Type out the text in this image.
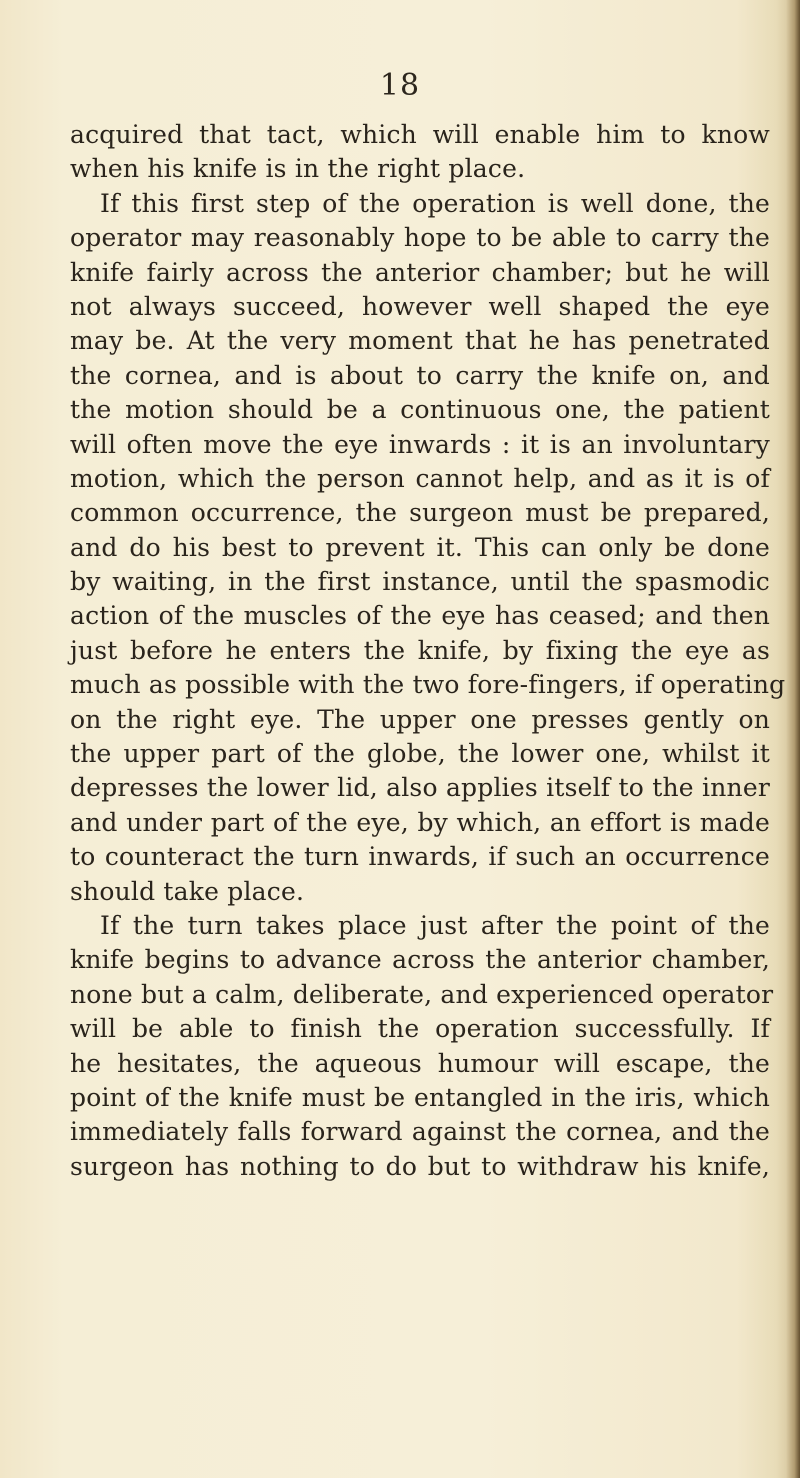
18
acquired that tact, which will enable him to know
when his knife is in the right place.
If this first step of the operation is well done, the
operator may reasonably hope to be able to carry the
knife fairly across the anterior chamber; but he will
not always succeed, however well shaped the eye
may be. At the very moment that he has penetrated
the cornea, and is about to carry the knife on, and
the motion should be a continuous one, the patient
will often move the eye inwards : it is an involuntary
motion, which the person cannot help, and as it is of
common occurrence, the surgeon must be prepared,
and do his best to prevent it. This can only be done
by waiting, in the first instance, until the spasmodic
action of the muscles of the eye has ceased; and then
just before he enters the knife, by fixing the eye as
much as possible with the two fore-fingers, if operating
on the right eye. The upper one presses gently on
the upper part of the globe, the lower one, whilst it
depresses the lower lid, also applies itself to the inner
and under part of the eye, by which, an effort is made
to counteract the turn inwards, if such an occurrence
should take place.
If the turn takes place just after the point of the
knife begins to advance across the anterior chamber,
none but a calm, deliberate, and experienced operator
will be able to finish the operation successfully. If
he hesitates, the aqueous humour will escape, the
point of the knife must be entangled in the iris, which
immediately falls forward against the cornea, and the
surgeon has nothing to do but to withdraw his knife,
